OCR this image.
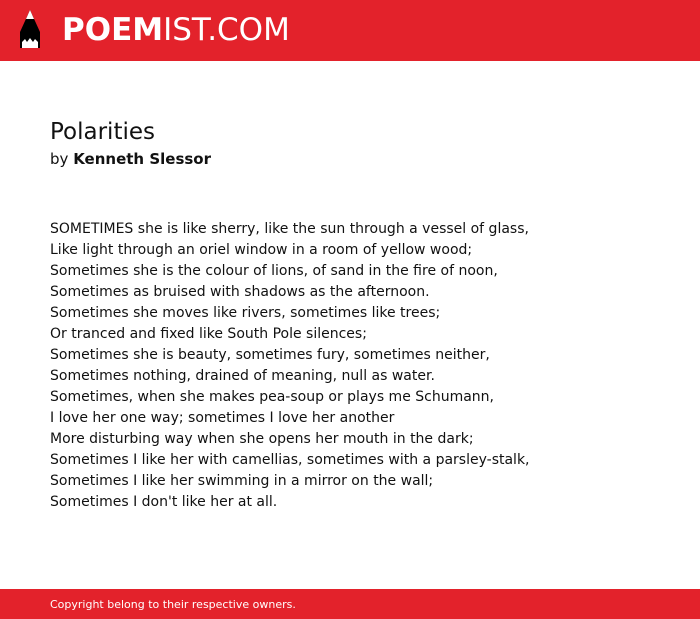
POEMIST.COM
Polarities
by Kenneth Slessor
SOMETIMES she is like sherry, like the sun through a vessel of glass,
Like light through an oriel window in a room of yellow wood;
Sometimes she is the colour of lions, of sand in the fire of noon,
Sometimes as bruised with shadows as the afternoon.
Sometimes she moves like rivers, sometimes like trees;
Or tranced and fixed like South Pole silences;
Sometimes she is beauty, sometimes fury, sometimes neither,
Sometimes nothing, drained of meaning, null as water.
Sometimes, when she makes pea-soup or plays me Schumann,
I love her one way; sometimes I love her another
More disturbing way when she opens her mouth in the dark;
Sometimes I like her with camellias, sometimes with a parsley-stalk,
Sometimes I like her swimming in a mirror on the wall;
Sometimes I don't like her at all.
Copyright belong to their respective owners.
